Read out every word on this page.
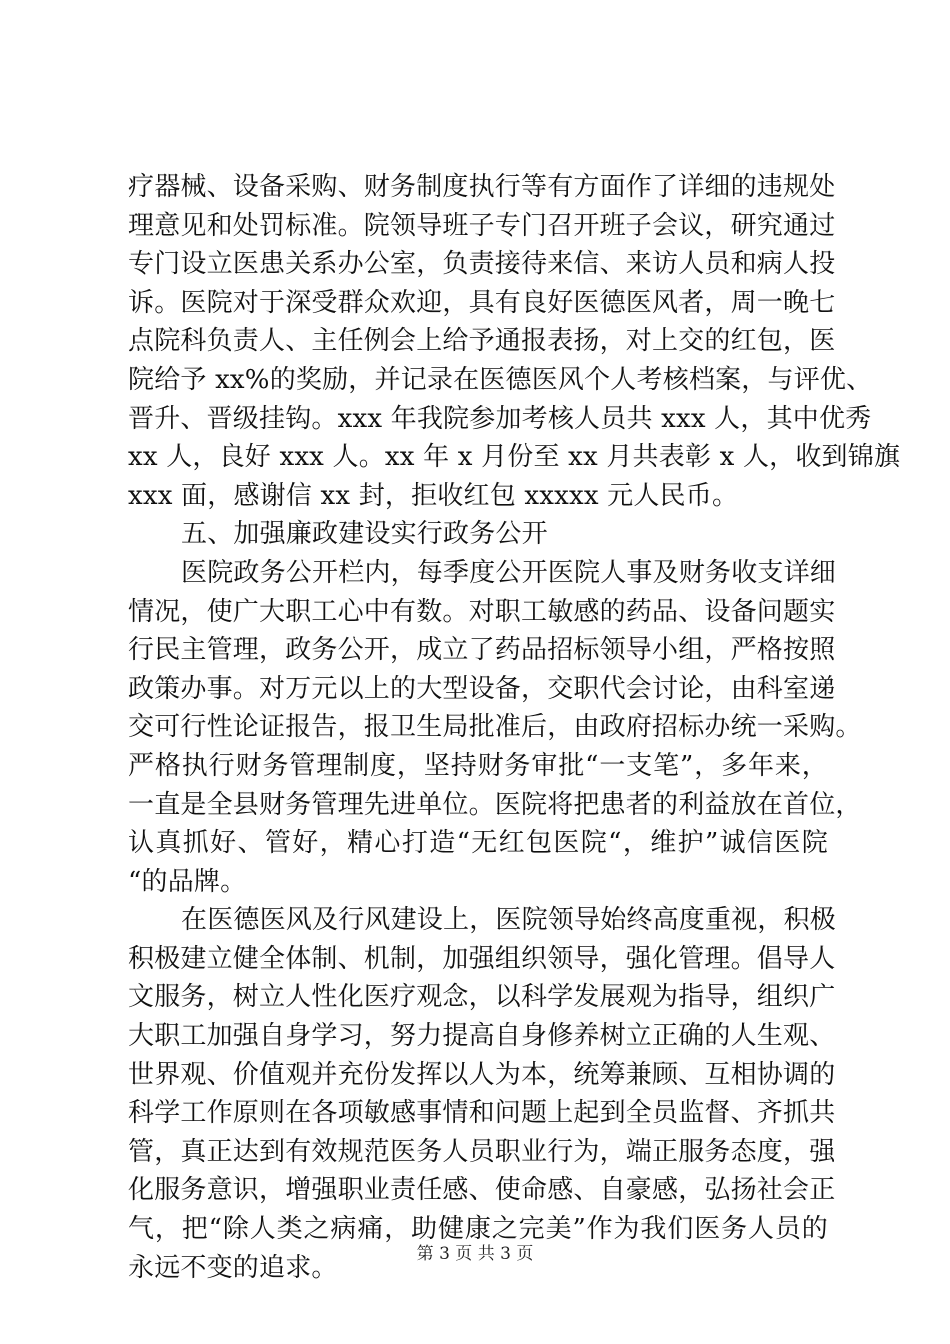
疗器械、设备采购、财务制度执行等有方面作了详细的违规处
理意见和处罚标准。院领导班子专门召开班子会议，研究通过
专门设立医患关系办公室，负责接待来信、来访人员和病人投
诉。医院对于深受群众欢迎，具有良好医德医风者，周一晚七
点院科负责人、主任例会上给予通报表扬，对上交的红包，医
院给予 xx%的奖励，并记录在医德医风个人考核档案，与评优、
晋升、晋级挂钩。xxx 年我院参加考核人员共 xxx 人，其中优秀
xx 人，良好 xxx 人。xx 年 x 月份至 xx 月共表彰 x 人，收到锦旗
xxx 面，感谢信 xx 封，拒收红包 xxxxx 元人民币。
五、加强廉政建设实行政务公开
医院政务公开栏内，每季度公开医院人事及财务收支详细
情况，使广大职工心中有数。对职工敏感的药品、设备问题实
行民主管理，政务公开，成立了药品招标领导小组，严格按照
政策办事。对万元以上的大型设备，交职代会讨论，由科室递
交可行性论证报告，报卫生局批准后，由政府招标办统一采购。
严格执行财务管理制度，坚持财务审批“一支笔”，多年来，
一直是全县财务管理先进单位。医院将把患者的利益放在首位，
认真抓好、管好，精心打造“无红包医院“，维护”诚信医院
“的品牌。
在医德医风及行风建设上，医院领导始终高度重视，积极
积极建立健全体制、机制，加强组织领导，强化管理。倡导人
文服务，树立人性化医疗观念，以科学发展观为指导，组织广
大职工加强自身学习，努力提高自身修养树立正确的人生观、
世界观、价值观并充份发挥以人为本，统筹兼顾、互相协调的
科学工作原则在各项敏感事情和问题上起到全员监督、齐抓共
管，真正达到有效规范医务人员职业行为，端正服务态度，强
化服务意识，增强职业责任感、使命感、自豪感，弘扬社会正
气，把“除人类之病痛，助健康之完美”作为我们医务人员的
永远不变的追求。	第 3 页 共 3 页
